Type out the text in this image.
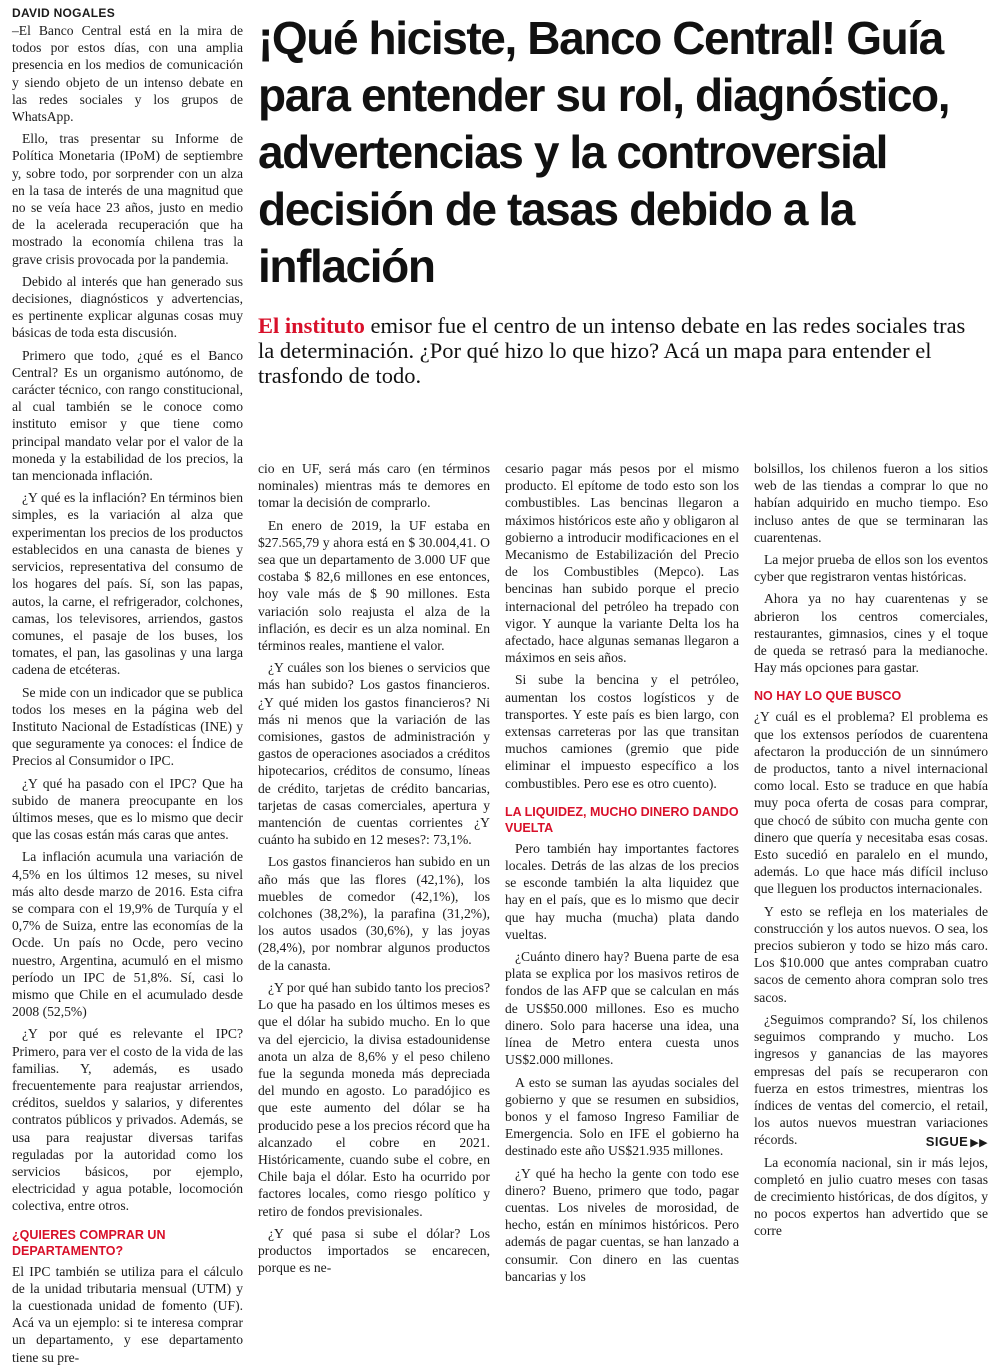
DAVID NOGALES

–El Banco Central está en la mira de todos por estos días, con una amplia presencia en los medios de comunicación y siendo objeto de un intenso debate en las redes sociales y los grupos de WhatsApp.

Ello, tras presentar su Informe de Política Monetaria (IPoM) de septiembre y, sobre todo, por sorprender con un alza en la tasa de interés de una magnitud que no se veía hace 23 años, justo en medio de la acelerada recuperación que ha mostrado la economía chilena tras la grave crisis provocada por la pandemia.

Debido al interés que han generado sus decisiones, diagnósticos y advertencias, es pertinente explicar algunas cosas muy básicas de toda esta discusión.

Primero que todo, ¿qué es el Banco Central? Es un organismo autónomo, de carácter técnico, con rango constitucional, al cual también se le conoce como instituto emisor y que tiene como principal mandato velar por el valor de la moneda y la estabilidad de los precios, la tan mencionada inflación.

¿Y qué es la inflación? En términos bien simples, es la variación al alza que experimentan los precios de los productos establecidos en una canasta de bienes y servicios, representativa del consumo de los hogares del país. Sí, son las papas, autos, la carne, el refrigerador, colchones, camas, los televisores, arriendos, gastos comunes, el pasaje de los buses, los tomates, el pan, las gasolinas y una larga cadena de etcéteras.

Se mide con un indicador que se publica todos los meses en la página web del Instituto Nacional de Estadísticas (INE) y que seguramente ya conoces: el Índice de Precios al Consumidor o IPC.

¿Y qué ha pasado con el IPC? Que ha subido de manera preocupante en los últimos meses, que es lo mismo que decir que las cosas están más caras que antes.

La inflación acumula una variación de 4,5% en los últimos 12 meses, su nivel más alto desde marzo de 2016. Esta cifra se compara con el 19,9% de Turquía y el 0,7% de Suiza, entre las economías de la Ocde. Un país no Ocde, pero vecino nuestro, Argentina, acumuló en el mismo período un IPC de 51,8%. Sí, casi lo mismo que Chile en el acumulado desde 2008 (52,5%)

¿Y por qué es relevante el IPC? Primero, para ver el costo de la vida de las familias. Y, además, es usado frecuentemente para reajustar arriendos, créditos, sueldos y salarios, y diferentes contratos públicos y privados. Además, se usa para reajustar diversas tarifas reguladas por la autoridad como los servicios básicos, por ejemplo, electricidad y agua potable, locomoción colectiva, entre otros.

¿QUIERES COMPRAR UN DEPARTAMENTO?

El IPC también se utiliza para el cálculo de la unidad tributaria mensual (UTM) y la cuestionada unidad de fomento (UF). Acá va un ejemplo: si te interesa comprar un departamento, y ese departamento tiene su pre-

¡Qué hiciste, Banco Central! Guía para entender su rol, diagnóstico, advertencias y la controversial decisión de tasas debido a la inflación
El instituto emisor fue el centro de un intenso debate en las redes sociales tras la determinación. ¿Por qué hizo lo que hizo? Acá un mapa para entender el trasfondo de todo.

cio en UF, será más caro (en términos nominales) mientras más te demores en tomar la decisión de comprarlo.

En enero de 2019, la UF estaba en $27.565,79 y ahora está en $ 30.004,41. O sea que un departamento de 3.000 UF que costaba $ 82,6 millones en ese entonces, hoy vale más de $ 90 millones. Esta variación solo reajusta el alza de la inflación, es decir es un alza nominal. En términos reales, mantiene el valor.

¿Y cuáles son los bienes o servicios que más han subido? Los gastos financieros. ¿Y qué miden los gastos financieros? Ni más ni menos que la variación de las comisiones, gastos de administración y gastos de operaciones asociados a créditos hipotecarios, créditos de consumo, líneas de crédito, tarjetas de crédito bancarias, tarjetas de casas comerciales, apertura y mantención de cuentas corrientes ¿Y cuánto ha subido en 12 meses?: 73,1%.

Los gastos financieros han subido en un año más que las flores (42,1%), los muebles de comedor (42,1%), los colchones (38,2%), la parafina (31,2%), los autos usados (30,6%), y las joyas (28,4%), por nombrar algunos productos de la canasta.

¿Y por qué han subido tanto los precios? Lo que ha pasado en los últimos meses es que el dólar ha subido mucho. En lo que va del ejercicio, la divisa estadounidense anota un alza de 8,6% y el peso chileno fue la segunda moneda más depreciada del mundo en agosto. Lo paradójico es que este aumento del dólar se ha producido pese a los precios récord que ha alcanzado el cobre en 2021. Históricamente, cuando sube el cobre, en Chile baja el dólar. Esto ha ocurrido por factores locales, como riesgo político y retiro de fondos previsionales.

¿Y qué pasa si sube el dólar? Los productos importados se encarecen, porque es ne-

cesario pagar más pesos por el mismo producto. El epítome de todo esto son los combustibles. Las bencinas llegaron a máximos históricos este año y obligaron al gobierno a introducir modificaciones en el Mecanismo de Estabilización del Precio de los Combustibles (Mepco). Las bencinas han subido porque el precio internacional del petróleo ha trepado con vigor. Y aunque la variante Delta los ha afectado, hace algunas semanas llegaron a máximos en seis años.

Si sube la bencina y el petróleo, aumentan los costos logísticos y de transportes. Y este país es bien largo, con extensas carreteras por las que transitan muchos camiones (gremio que pide eliminar el impuesto específico a los combustibles. Pero ese es otro cuento).

LA LIQUIDEZ, MUCHO DINERO DANDO VUELTA

Pero también hay importantes factores locales. Detrás de las alzas de los precios se esconde también la alta liquidez que hay en el país, que es lo mismo que decir que hay mucha (mucha) plata dando vueltas.

¿Cuánto dinero hay? Buena parte de esa plata se explica por los masivos retiros de fondos de las AFP que se calculan en más de US$50.000 millones. Eso es mucho dinero. Solo para hacerse una idea, una línea de Metro entera cuesta unos US$2.000 millones.

A esto se suman las ayudas sociales del gobierno y que se resumen en subsidios, bonos y el famoso Ingreso Familiar de Emergencia. Solo en IFE el gobierno ha destinado este año US$21.935 millones.

¿Y qué ha hecho la gente con todo ese dinero? Bueno, primero que todo, pagar cuentas. Los niveles de morosidad, de hecho, están en mínimos históricos. Pero además de pagar cuentas, se han lanzado a consumir. Con dinero en las cuentas bancarias y los

bolsillos, los chilenos fueron a los sitios web de las tiendas a comprar lo que no habían adquirido en mucho tiempo. Eso incluso antes de que se terminaran las cuarentenas.

La mejor prueba de ellos son los eventos cyber que registraron ventas históricas.

Ahora ya no hay cuarentenas y se abrieron los centros comerciales, restaurantes, gimnasios, cines y el toque de queda se retrasó para la medianoche. Hay más opciones para gastar.

NO HAY LO QUE BUSCO

¿Y cuál es el problema? El problema es que los extensos períodos de cuarentena afectaron la producción de un sinnúmero de productos, tanto a nivel internacional como local. Esto se traduce en que había muy poca oferta de cosas para comprar, que chocó de súbito con mucha gente con dinero que quería y necesitaba esas cosas. Esto sucedió en paralelo en el mundo, además. Lo que hace más difícil incluso que lleguen los productos internacionales.

Y esto se refleja en los materiales de construcción y los autos nuevos. O sea, los precios subieron y todo se hizo más caro. Los $10.000 que antes compraban cuatro sacos de cemento ahora compran solo tres sacos.

¿Seguimos comprando? Sí, los chilenos seguimos comprando y mucho. Los ingresos y ganancias de las mayores empresas del país se recuperaron con fuerza en estos trimestres, mientras los índices de ventas del comercio, el retail, los autos nuevos muestran variaciones récords.

La economía nacional, sin ir más lejos, completó en julio cuatro meses con tasas de crecimiento históricas, de dos dígitos, y no pocos expertos han advertido que se corre

SIGUE ▶▶
